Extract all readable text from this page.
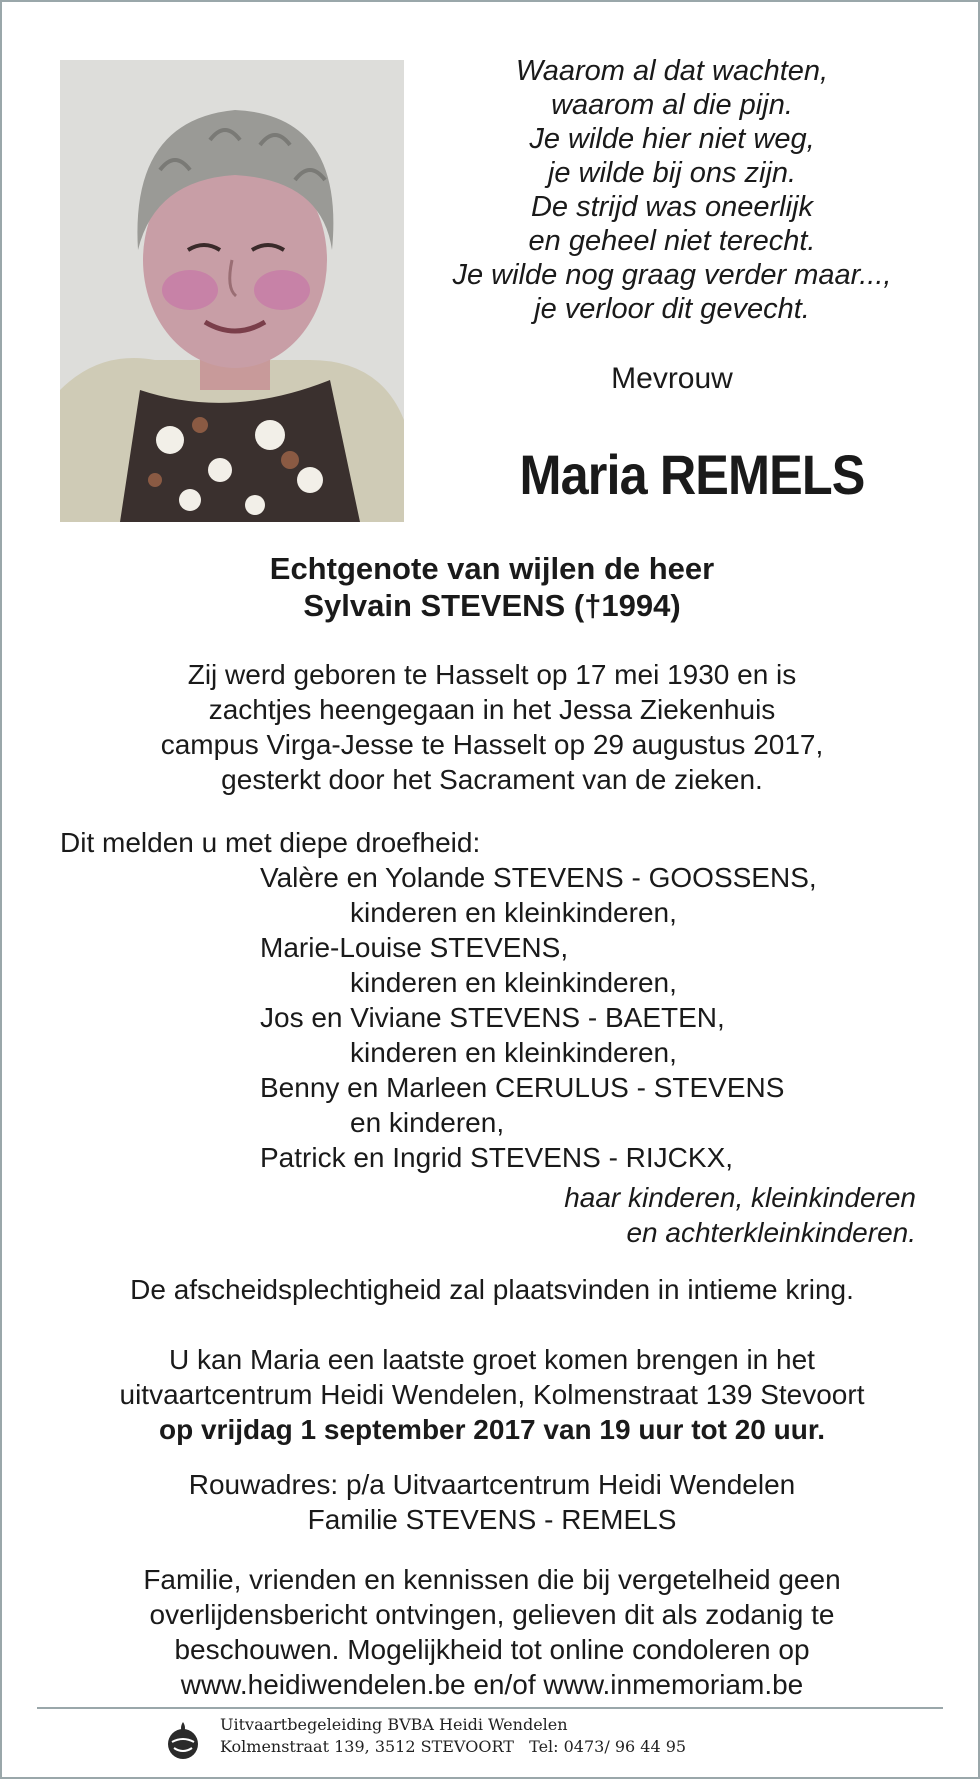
Waarom al dat wachten,
waarom al die pijn.
Je wilde hier niet weg,
je wilde bij ons zijn.
De strijd was oneerlijk
en geheel niet terecht.
Je wilde nog graag verder maar...,
je verloor dit gevecht.
Mevrouw
Maria REMELS
Echtgenote van wijlen de heer
Sylvain STEVENS (†1994)
Zij werd geboren te Hasselt op 17 mei 1930 en is
zachtjes heengegaan in het Jessa Ziekenhuis
campus Virga-Jesse te Hasselt op 29 augustus 2017,
gesterkt door het Sacrament van de zieken.
Dit melden u met diepe droefheid:
Valère en Yolande STEVENS - GOOSSENS,
kinderen en kleinkinderen,
Marie-Louise STEVENS,
kinderen en kleinkinderen,
Jos en Viviane STEVENS - BAETEN,
kinderen en kleinkinderen,
Benny en Marleen CERULUS - STEVENS
en kinderen,
Patrick en Ingrid STEVENS - RIJCKX,
haar kinderen, kleinkinderen
en achterkleinkinderen.
De afscheidsplechtigheid zal plaatsvinden in intieme kring.
U kan Maria een laatste groet komen brengen in het
uitvaartcentrum Heidi Wendelen, Kolmenstraat 139 Stevoort
op vrijdag 1 september 2017 van 19 uur tot 20 uur.
Rouwadres: p/a Uitvaartcentrum Heidi Wendelen
Familie STEVENS - REMELS
Familie, vrienden en kennissen die bij vergetelheid geen
overlijdensbericht ontvingen, gelieven dit als zodanig te
beschouwen. Mogelijkheid tot online condoleren op
www.heidiwendelen.be en/of www.inmemoriam.be
Uitvaartbegeleiding BVBA Heidi Wendelen
Kolmenstraat 139, 3512 STEVOORT   Tel: 0473/ 96 44 95
